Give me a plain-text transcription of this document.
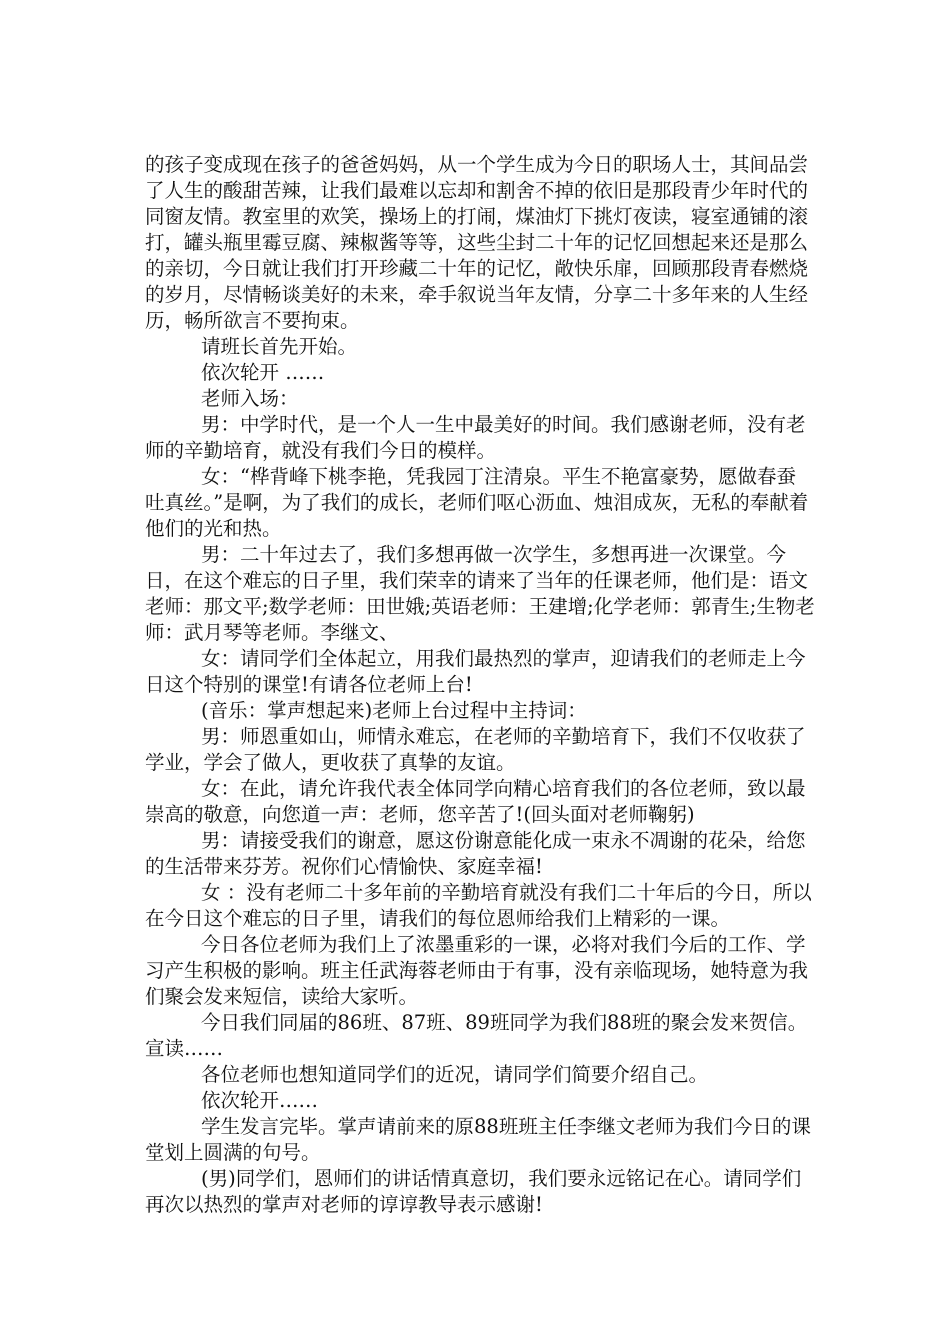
的孩子变成现在孩子的爸爸妈妈，从一个学生成为今日的职场人士，其间品尝了人生的酸甜苦辣，让我们最难以忘却和割舍不掉的依旧是那段青少年时代的同窗友情。教室里的欢笑，操场上的打闹，煤油灯下挑灯夜读，寝室通铺的滚打，罐头瓶里霉豆腐、辣椒酱等等，这些尘封二十年的记忆回想起来还是那么的亲切，今日就让我们打开珍藏二十年的记忆，敞快乐扉，回顾那段青春燃烧的岁月，尽情畅谈美好的未来，牵手叙说当年友情，分享二十多年来的人生经历，畅所欲言不要拘束。

请班长首先开始。

依次轮开 ……

老师入场：

男：中学时代，是一个人一生中最美好的时间。我们感谢老师，没有老师的辛勤培育，就没有我们今日的模样。

女：“桦背峰下桃李艳，凭我园丁注清泉。平生不艳富豪势，愿做春蚕吐真丝。”是啊，为了我们的成长，老师们呕心沥血、烛泪成灰，无私的奉献着他们的光和热。

男：二十年过去了，我们多想再做一次学生，多想再进一次课堂。今日，在这个难忘的日子里，我们荣幸的请来了当年的任课老师，他们是：语文老师：那文平;数学老师：田世娥;英语老师：王建增;化学老师：郭青生;生物老师：武月琴等老师。李继文、

女：请同学们全体起立，用我们最热烈的掌声，迎请我们的老师走上今日这个特别的课堂!有请各位老师上台!

(音乐：掌声想起来)老师上台过程中主持词：

男：师恩重如山，师情永难忘，在老师的辛勤培育下，我们不仅收获了学业，学会了做人，更收获了真挚的友谊。

女：在此，请允许我代表全体同学向精心培育我们的各位老师，致以最崇高的敬意，向您道一声：老师，您辛苦了!(回头面对老师鞠躬)

男：请接受我们的谢意，愿这份谢意能化成一束永不凋谢的花朵，给您的生活带来芬芳。祝你们心情愉快、家庭幸福!

女 ：没有老师二十多年前的辛勤培育就没有我们二十年后的今日，所以在今日这个难忘的日子里，请我们的每位恩师给我们上精彩的一课。

今日各位老师为我们上了浓墨重彩的一课，必将对我们今后的工作、学习产生积极的影响。班主任武海蓉老师由于有事，没有亲临现场，她特意为我们聚会发来短信，读给大家听。

今日我们同届的86班、87班、89班同学为我们88班的聚会发来贺信。宣读……

各位老师也想知道同学们的近况，请同学们简要介绍自己。

依次轮开……

学生发言完毕。掌声请前来的原88班班主任李继文老师为我们今日的课堂划上圆满的句号。

(男)同学们，恩师们的讲话情真意切，我们要永远铭记在心。请同学们再次以热烈的掌声对老师的谆谆教导表示感谢!
